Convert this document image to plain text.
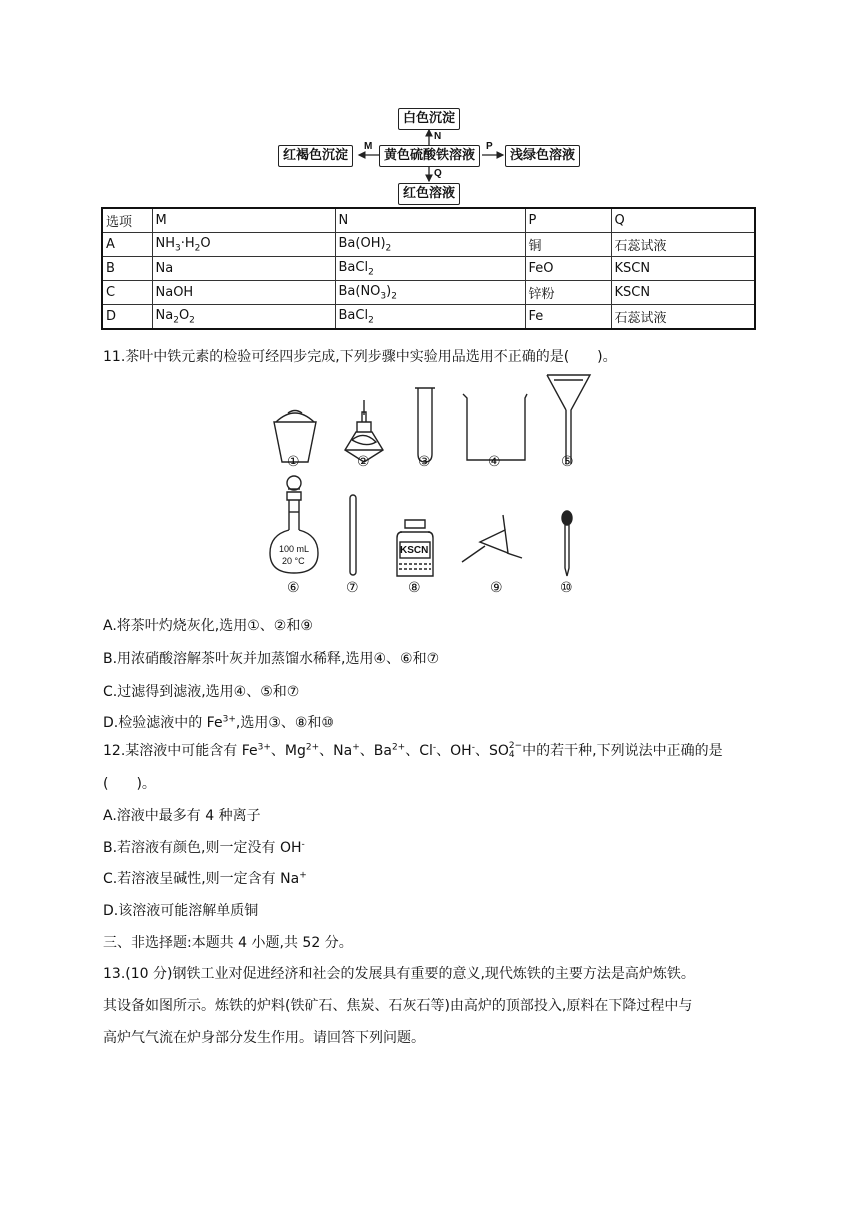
白色沉淀
红褐色沉淀	黄色硫酸铁溶液	浅绿色溶液
红色溶液
N
M	P
Q
选项	M	N	P	Q
A	$NH_3\cdot H_2O$	$Ba(OH)_2$	铜	石蕊试液
B	Na	BaCl$_2$	FeO	KSCN
C	NaOH	$Ba(NO_3)_2$	锌粉	KSCN
D	$Na_2O_2$	BaCl$_2$	Fe	石蕊试液
11.茶叶中铁元素的检验可经四步完成,下列步骤中实验用品选用不正确的是(　　)。
100 mL
20 °C
KSCN
①	②	③	④	⑤
⑥	⑦	⑧	⑨	⑩
A.将茶叶灼烧灰化,选用①、②和⑨
B.用浓硝酸溶解茶叶灰并加蒸馏水稀释,选用④、⑥和⑦
C.过滤得到滤液,选用④、⑤和⑦
D.检验滤液中的 $Fe^{3+}$,选用③、⑧和⑩
12.某溶液中可能含有 $Fe^{3+}$、$Mg^{2+}$、Na+、$Ba^{2+}$、Cl-、OH-、SO2−
4 中的若干种,下列说法中正确的是
(　　)。
A.溶液中最多有 4 种离子
B.若溶液有颜色,则一定没有 OH-
C.若溶液呈碱性,则一定含有 Na+
D.该溶液可能溶解单质铜
三、非选择题:本题共 4 小题,共 52 分。
13.(10 分)钢铁工业对促进经济和社会的发展具有重要的意义,现代炼铁的主要方法是高炉炼铁。
其设备如图所示。炼铁的炉料(铁矿石、焦炭、石灰石等)由高炉的顶部投入,原料在下降过程中与
高炉气气流在炉身部分发生作用。请回答下列问题。
